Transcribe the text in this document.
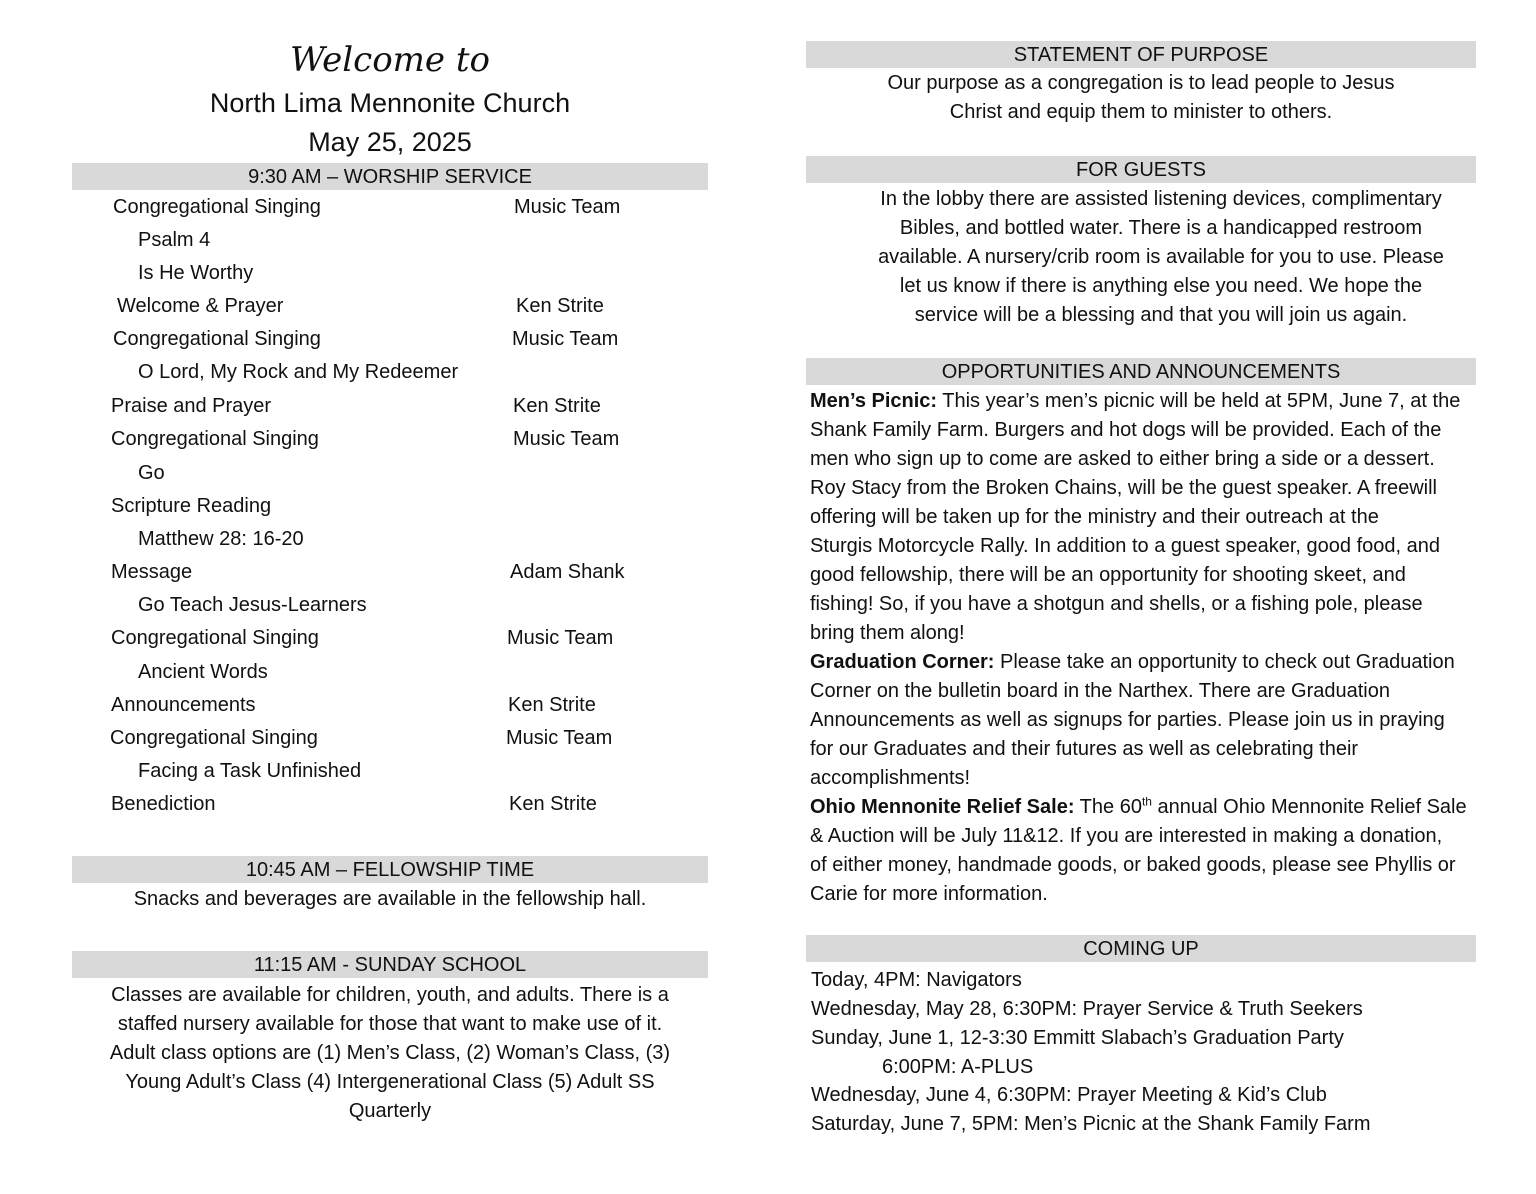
Welcome to
North Lima Mennonite Church
May 25, 2025
9:30 AM – WORSHIP SERVICE
Congregational Singing	Music Team
Psalm 4
Is He Worthy
Welcome & Prayer	Ken Strite
Congregational Singing	Music Team
O Lord, My Rock and My Redeemer
Praise and Prayer	Ken Strite
Congregational Singing	Music Team
Go
Scripture Reading
Matthew 28: 16-20
Message	Adam Shank
Go Teach Jesus-Learners
Congregational Singing	Music Team
Ancient Words
Announcements	Ken Strite
Congregational Singing	Music Team
Facing a Task Unfinished
Benediction	Ken Strite
10:45 AM – FELLOWSHIP TIME
Snacks and beverages are available in the fellowship hall.
11:15 AM - SUNDAY SCHOOL
Classes are available for children, youth, and adults. There is a
staffed nursery available for those that want to make use of it.
Adult class options are (1) Men’s Class, (2) Woman’s Class, (3)
Young Adult’s Class (4) Intergenerational Class (5) Adult SS
Quarterly
STATEMENT OF PURPOSE
Our purpose as a congregation is to lead people to Jesus
Christ and equip them to minister to others.
FOR GUESTS
In the lobby there are assisted listening devices, complimentary
Bibles, and bottled water. There is a handicapped restroom
available. A nursery/crib room is available for you to use. Please
let us know if there is anything else you need. We hope the
service will be a blessing and that you will join us again.
OPPORTUNITIES AND ANNOUNCEMENTS
Men’s Picnic: This year’s men’s picnic will be held at 5PM, June 7, at the
Shank Family Farm. Burgers and hot dogs will be provided. Each of the
men who sign up to come are asked to either bring a side or a dessert.
Roy Stacy from the Broken Chains, will be the guest speaker. A freewill
offering will be taken up for the ministry and their outreach at the
Sturgis Motorcycle Rally. In addition to a guest speaker, good food, and
good fellowship, there will be an opportunity for shooting skeet, and
fishing! So, if you have a shotgun and shells, or a fishing pole, please
bring them along!
Graduation Corner: Please take an opportunity to check out Graduation
Corner on the bulletin board in the Narthex. There are Graduation
Announcements as well as signups for parties. Please join us in praying
for our Graduates and their futures as well as celebrating their
accomplishments!
Ohio Mennonite Relief Sale: The 60th annual Ohio Mennonite Relief Sale
& Auction will be July 11&12. If you are interested in making a donation,
of either money, handmade goods, or baked goods, please see Phyllis or
Carie for more information.
COMING UP
Today, 4PM: Navigators
Wednesday, May 28, 6:30PM: Prayer Service & Truth Seekers
Sunday, June 1, 12-3:30 Emmitt Slabach’s Graduation Party
6:00PM: A-PLUS
Wednesday, June 4, 6:30PM: Prayer Meeting & Kid’s Club
Saturday, June 7, 5PM: Men’s Picnic at the Shank Family Farm
